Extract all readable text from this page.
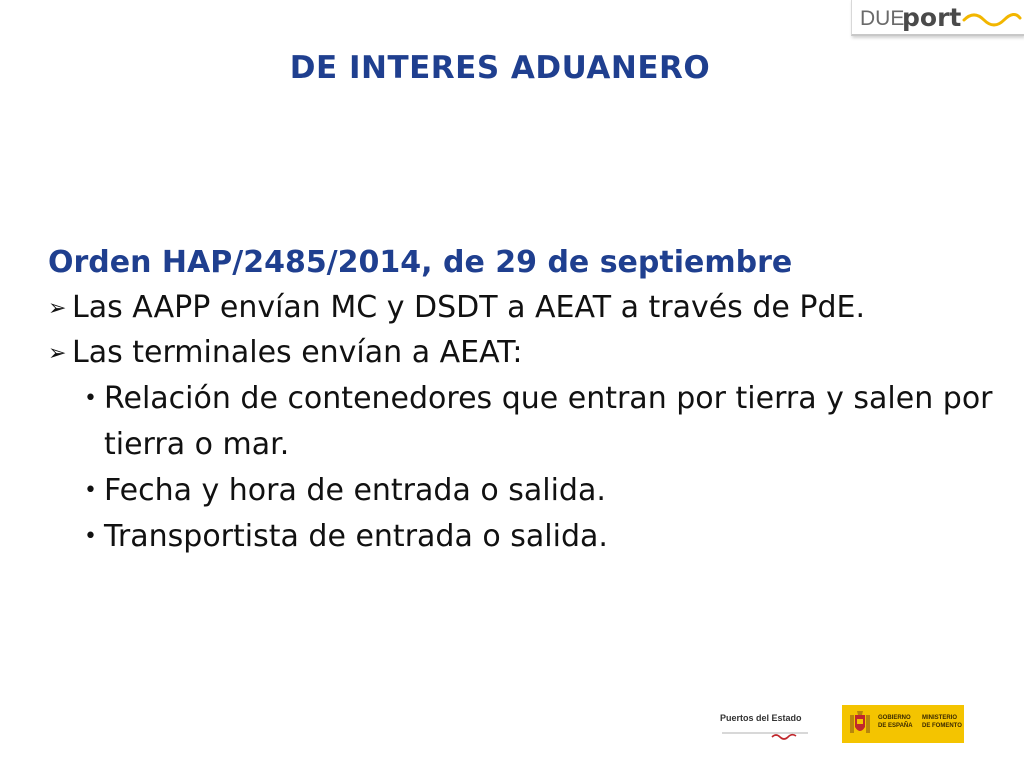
DUE
port
DE INTERES ADUANERO

Orden HAP/2485/2014, de 29 de septiembre

➢ Las AAPP envían MC y DSDT a AEAT a través de PdE.

➢ Las terminales envían a AEAT:

• Relación de contenedores que entran por tierra y salen por tierra o mar.
• Fecha y hora de entrada o salida.
• Transportista de entrada o salida.
Puertos del Estado	GOBIERNO
DE ESPAÑA
MINISTERIO
DE FOMENTO
